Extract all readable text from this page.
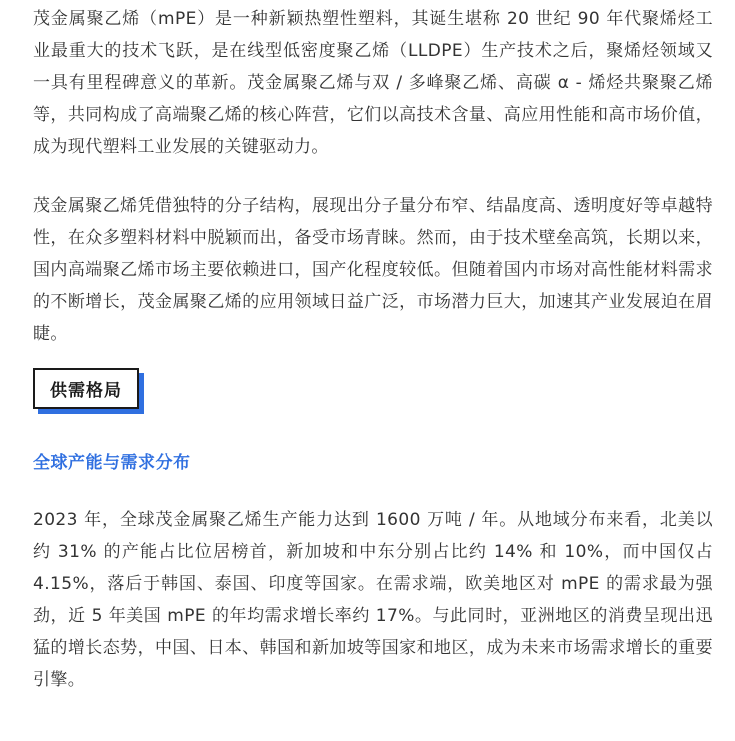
茂金属聚乙烯（mPE）是一种新颖热塑性塑料，其诞生堪称 20 世纪 90 年代聚烯烃工业最重大的技术飞跃，是在线型低密度聚乙烯（LLDPE）生产技术之后，聚烯烃领域又一具有里程碑意义的革新。茂金属聚乙烯与双 / 多峰聚乙烯、高碳 α - 烯烃共聚聚乙烯等，共同构成了高端聚乙烯的核心阵营，它们以高技术含量、高应用性能和高市场价值，成为现代塑料工业发展的关键驱动力。

茂金属聚乙烯凭借独特的分子结构，展现出分子量分布窄、结晶度高、透明度好等卓越特性，在众多塑料材料中脱颖而出，备受市场青睐。然而，由于技术壁垒高筑，长期以来，国内高端聚乙烯市场主要依赖进口，国产化程度较低。但随着国内市场对高性能材料需求的不断增长，茂金属聚乙烯的应用领域日益广泛，市场潜力巨大，加速其产业发展迫在眉睫。

供需格局
全球产能与需求分布

2023 年，全球茂金属聚乙烯生产能力达到 1600 万吨 / 年。从地域分布来看，北美以约 31% 的产能占比位居榜首，新加坡和中东分别占比约 14% 和 10%，而中国仅占 4.15%，落后于韩国、泰国、印度等国家。在需求端，欧美地区对 mPE 的需求最为强劲，近 5 年美国 mPE 的年均需求增长率约 17%。与此同时，亚洲地区的消费呈现出迅猛的增长态势，中国、日本、韩国和新加坡等国家和地区，成为未来市场需求增长的重要引擎。
